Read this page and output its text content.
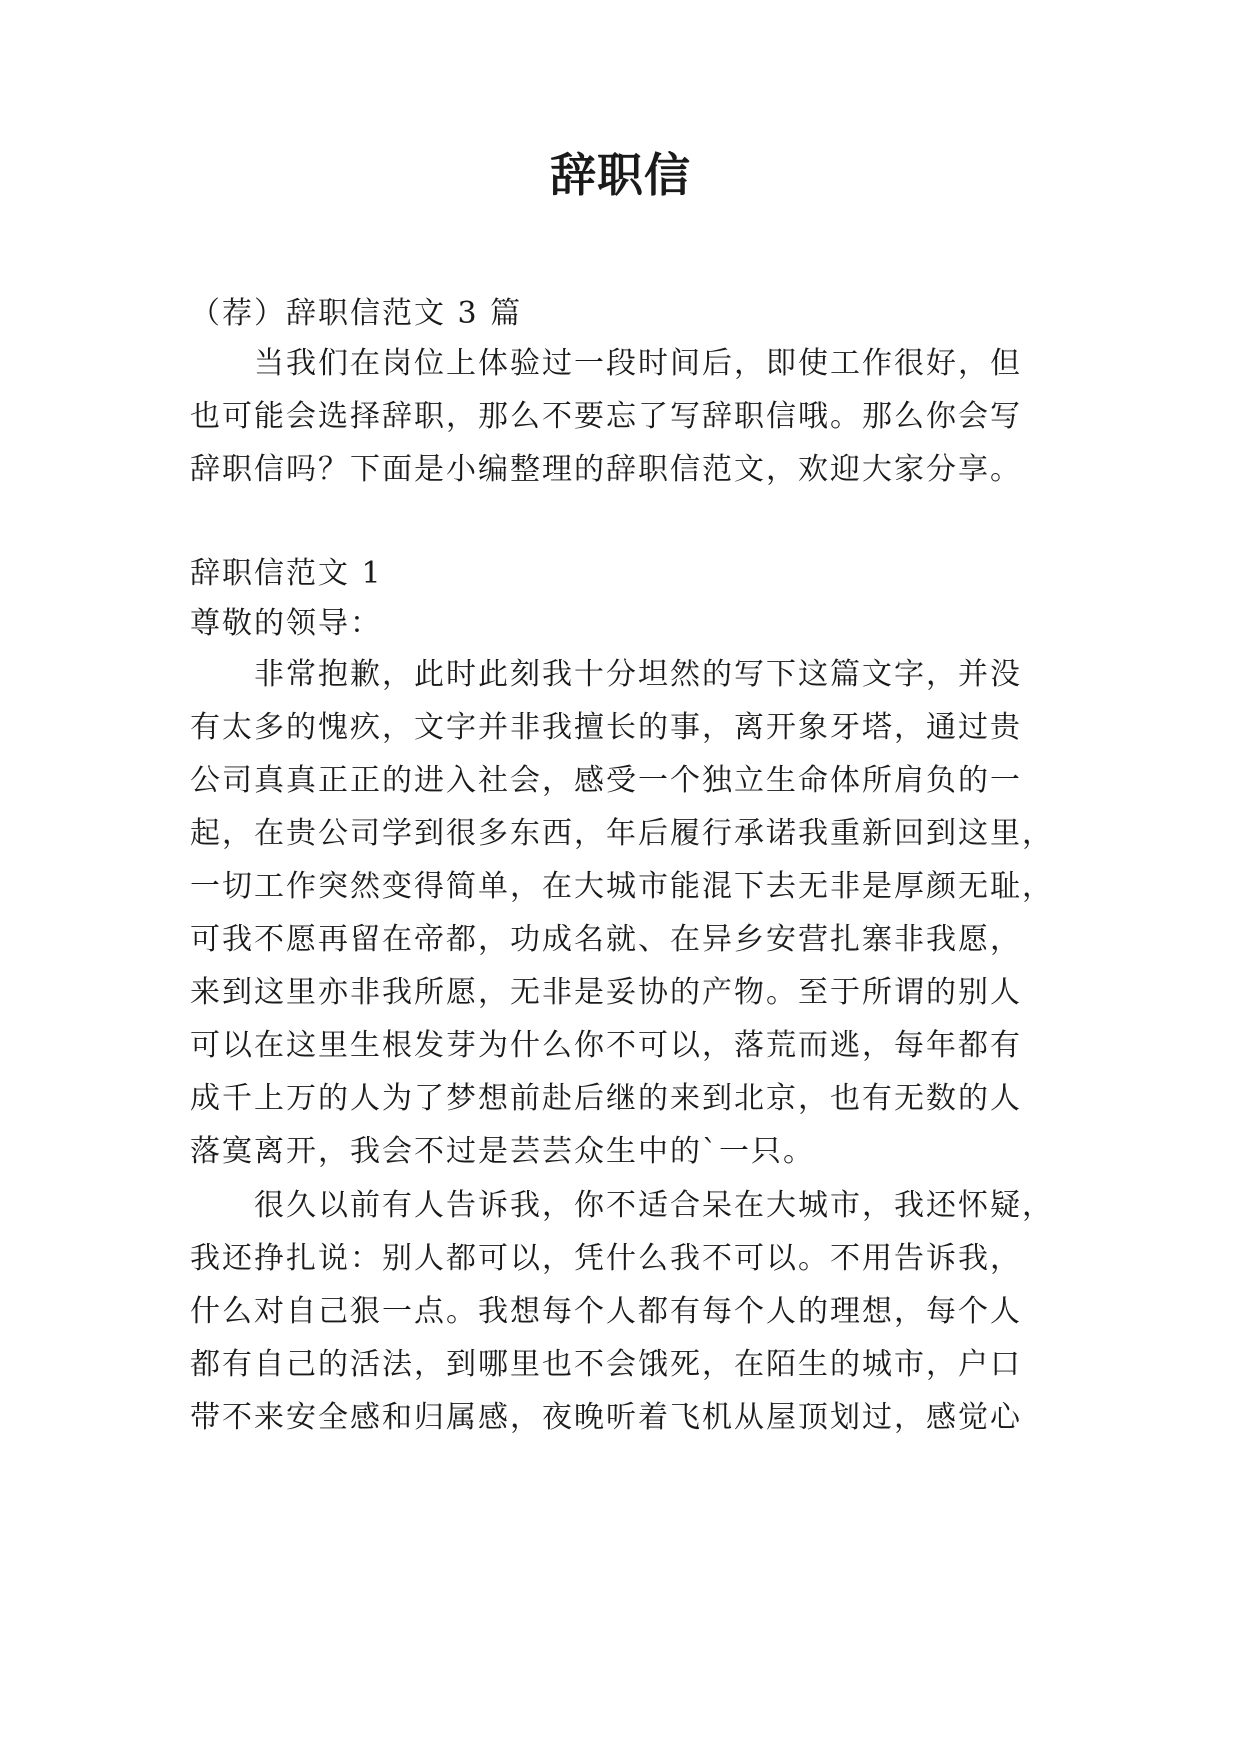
辞职信
（荐）辞职信范文 3 篇
当我们在岗位上体验过一段时间后，即使工作很好，但
也可能会选择辞职，那么不要忘了写辞职信哦。那么你会写
辞职信吗？下面是小编整理的辞职信范文，欢迎大家分享。
辞职信范文 1
尊敬的领导：
非常抱歉，此时此刻我十分坦然的写下这篇文字，并没
有太多的愧疚，文字并非我擅长的事，离开象牙塔，通过贵
公司真真正正的进入社会，感受一个独立生命体所肩负的一
起，在贵公司学到很多东西，年后履行承诺我重新回到这里，
一切工作突然变得简单，在大城市能混下去无非是厚颜无耻，
可我不愿再留在帝都，功成名就、在异乡安营扎寨非我愿，
来到这里亦非我所愿，无非是妥协的产物。至于所谓的别人
可以在这里生根发芽为什么你不可以，落荒而逃，每年都有
成千上万的人为了梦想前赴后继的来到北京，也有无数的人
落寞离开，我会不过是芸芸众生中的`一只。
很久以前有人告诉我，你不适合呆在大城市，我还怀疑，
我还挣扎说：别人都可以，凭什么我不可以。不用告诉我，
什么对自己狠一点。我想每个人都有每个人的理想，每个人
都有自己的活法，到哪里也不会饿死，在陌生的城市，户口
带不来安全感和归属感，夜晚听着飞机从屋顶划过，感觉心
